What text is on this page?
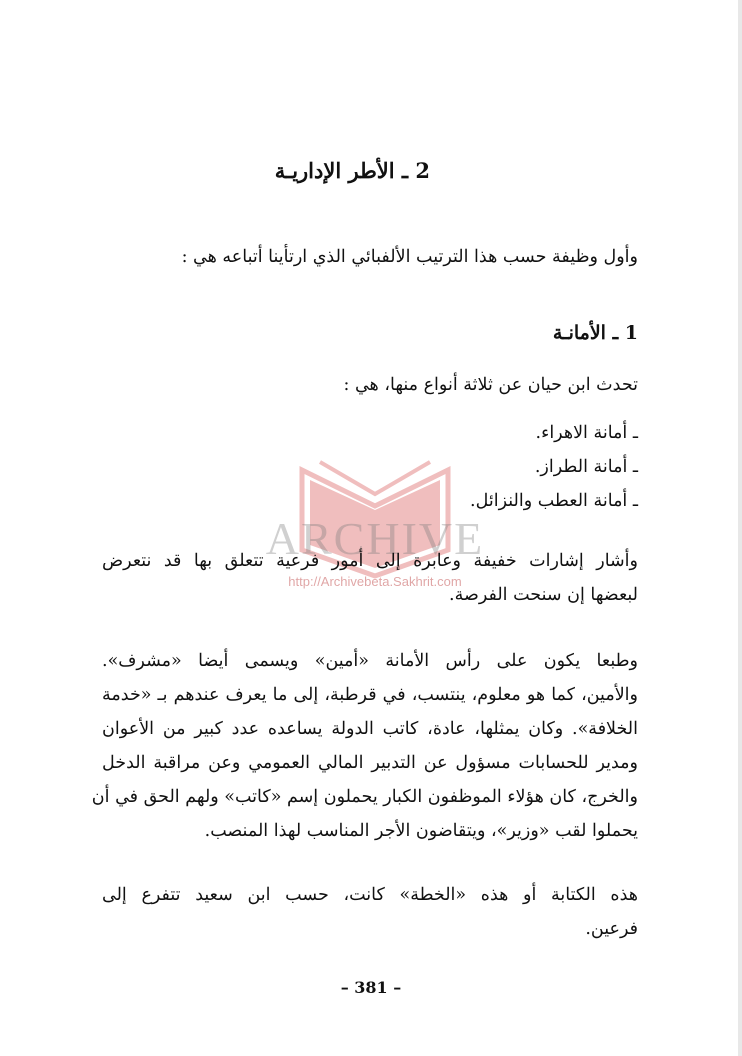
ARCHIVE
http://Archivebeta.Sakhrit.com
2 ـ الأطر الإداريـة
وأول وظيفة حسب هذا الترتيب الألفبائي الذي ارتأينا أتباعه هي :
1 ـ الأمانـة
تحدث ابن حيان عن ثلاثة أنواع منها، هي :
ـ أمانة الاهراء.
ـ أمانة الطراز.
ـ أمانة العطب والنزائل.
وأشار إشارات خفيفة وعابرة إلى أمور فرعية تتعلق بها قد نتعرض
لبعضها إن سنحت الفرصة.
وطبعا يكون على رأس الأمانة «أمين» ويسمى أيضا «مشرف».
والأمين، كما هو معلوم، ينتسب، في قرطبة، إلى ما يعرف عندهم بـ «خدمة
الخلافة». وكان يمثلها، عادة، كاتب الدولة يساعده عدد كبير من الأعوان
ومدير للحسابات مسؤول عن التدبير المالي العمومي وعن مراقبة الدخل
والخرج، كان هؤلاء الموظفون الكبار يحملون إسم «كاتب» ولهم الحق في أن
يحملوا لقب «وزير»، ويتقاضون الأجر المناسب لهذا المنصب.
هذه الكتابة أو هذه «الخطة» كانت، حسب ابن سعيد تتفرع إلى
فرعين.
– 381 –
